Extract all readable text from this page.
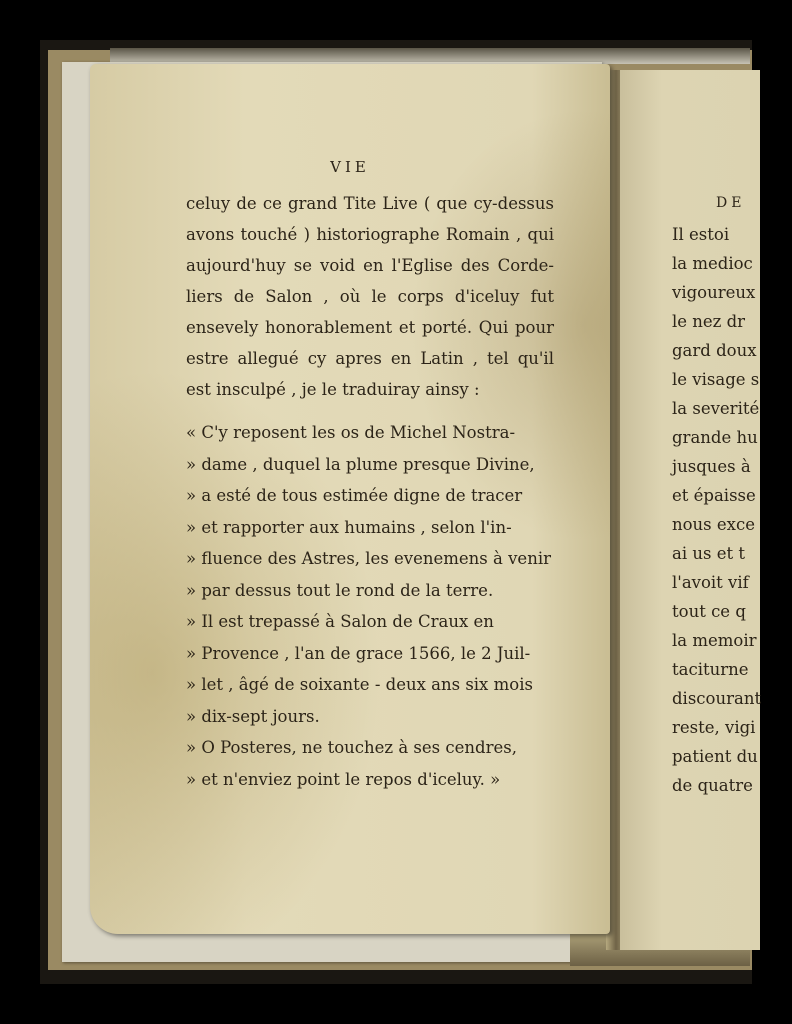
VIE
celuy de ce grand Tite Live ( que cy-dessus
avons touché ) historiographe Romain , qui
aujourd'huy se void en l'Eglise des Corde-
liers de Salon , où le corps d'iceluy fut
ensevely honorablement et porté. Qui pour
estre allegué cy apres en Latin , tel qu'il
est insculpé , je le traduiray ainsy :
« C'y reposent les os de Michel Nostra-
» dame , duquel la plume presque Divine,
» a esté de tous estimée digne de tracer
» et rapporter aux humains , selon l'in-
» fluence des Astres, les evenemens à venir
» par dessus tout le rond de la terre.
» Il est trepassé à Salon de Craux en
» Provence , l'an de grace 1566, le 2 Juil-
» let , âgé de soixante - deux ans six mois
» dix-sept jours.
» O Posteres, ne touchez à ses cendres,
» et n'enviez point le repos d'iceluy. »
DE
Il estoi
la medioc
vigoureux
le nez dr
gard doux
le visage s
la severité
grande hu
jusques à
et épaisse
nous exce
ai us et t
l'avoit vif
tout ce q
la memoir
taciturne
discourant
reste, vigi
patient du
de quatre
